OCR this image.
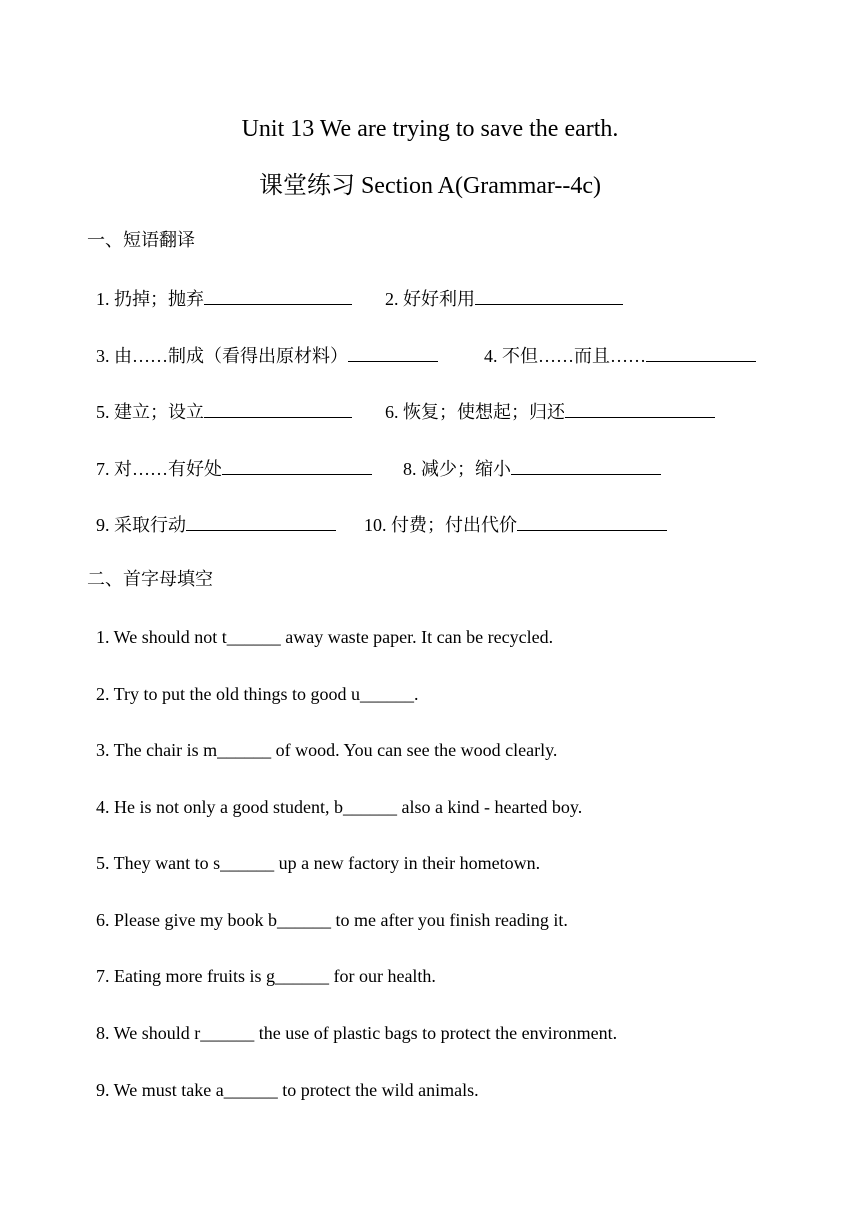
Unit 13 We are trying to save the earth.
课堂练习 Section A(Grammar--4c)
一、短语翻译
1. 扔掉；抛弃	2. 好好利用
3. 由……制成（看得出原材料）	4. 不但……而且……
5. 建立；设立	6. 恢复；使想起；归还
7. 对……有好处	8. 减少；缩小
9. 采取行动	10. 付费；付出代价
二、首字母填空
1. We should not t______ away waste paper. It can be recycled.
2. Try to put the old things to good u______.
3. The chair is m______ of wood. You can see the wood clearly.
4. He is not only a good student, b______ also a kind - hearted boy.
5. They want to s______ up a new factory in their hometown.
6. Please give my book b______ to me after you finish reading it.
7. Eating more fruits is g______ for our health.
8. We should r______ the use of plastic bags to protect the environment.
9. We must take a______ to protect the wild animals.
